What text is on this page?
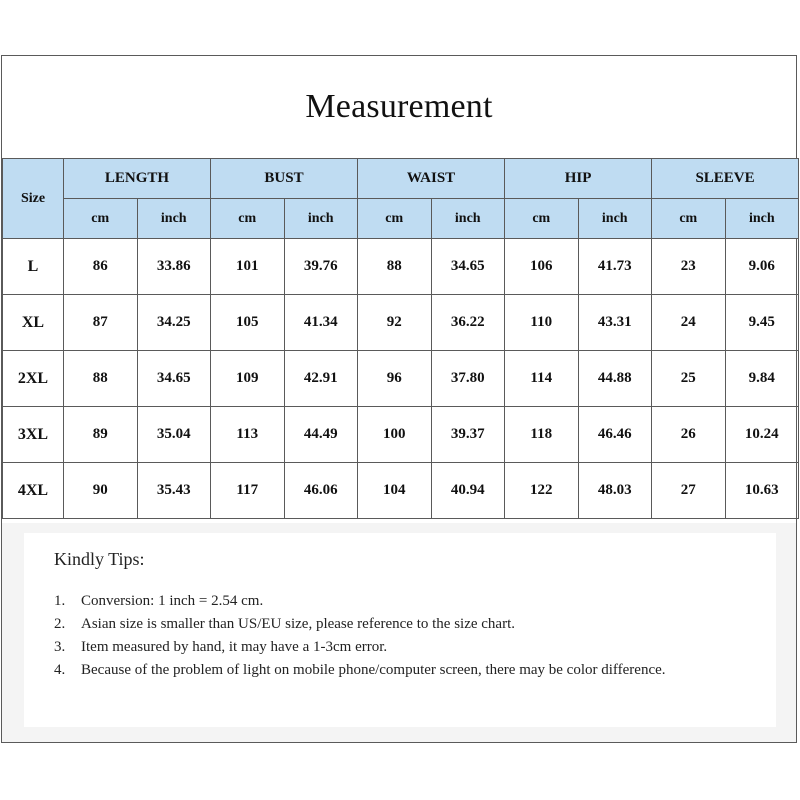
Measurement
Size	LENGTH		BUST		WAIST		HIP		SLEEVE	
	cm	inch	cm	inch	cm	inch	cm	inch	cm	inch
L	86	33.86	101	39.76	88	34.65	106	41.73	23	9.06
XL	87	34.25	105	41.34	92	36.22	110	43.31	24	9.45
2XL	88	34.65	109	42.91	96	37.80	114	44.88	25	9.84
3XL	89	35.04	113	44.49	100	39.37	118	46.46	26	10.24
4XL	90	35.43	117	46.06	104	40.94	122	48.03	27	10.63
Kindly Tips:
1.	Conversion: 1 inch = 2.54 cm.
2.	Asian size is smaller than US/EU size, please reference to the size chart.
3.	Item measured by hand, it may have a 1-3cm error.
4.	Because of the problem of light on mobile phone/computer screen, there may be color difference.
